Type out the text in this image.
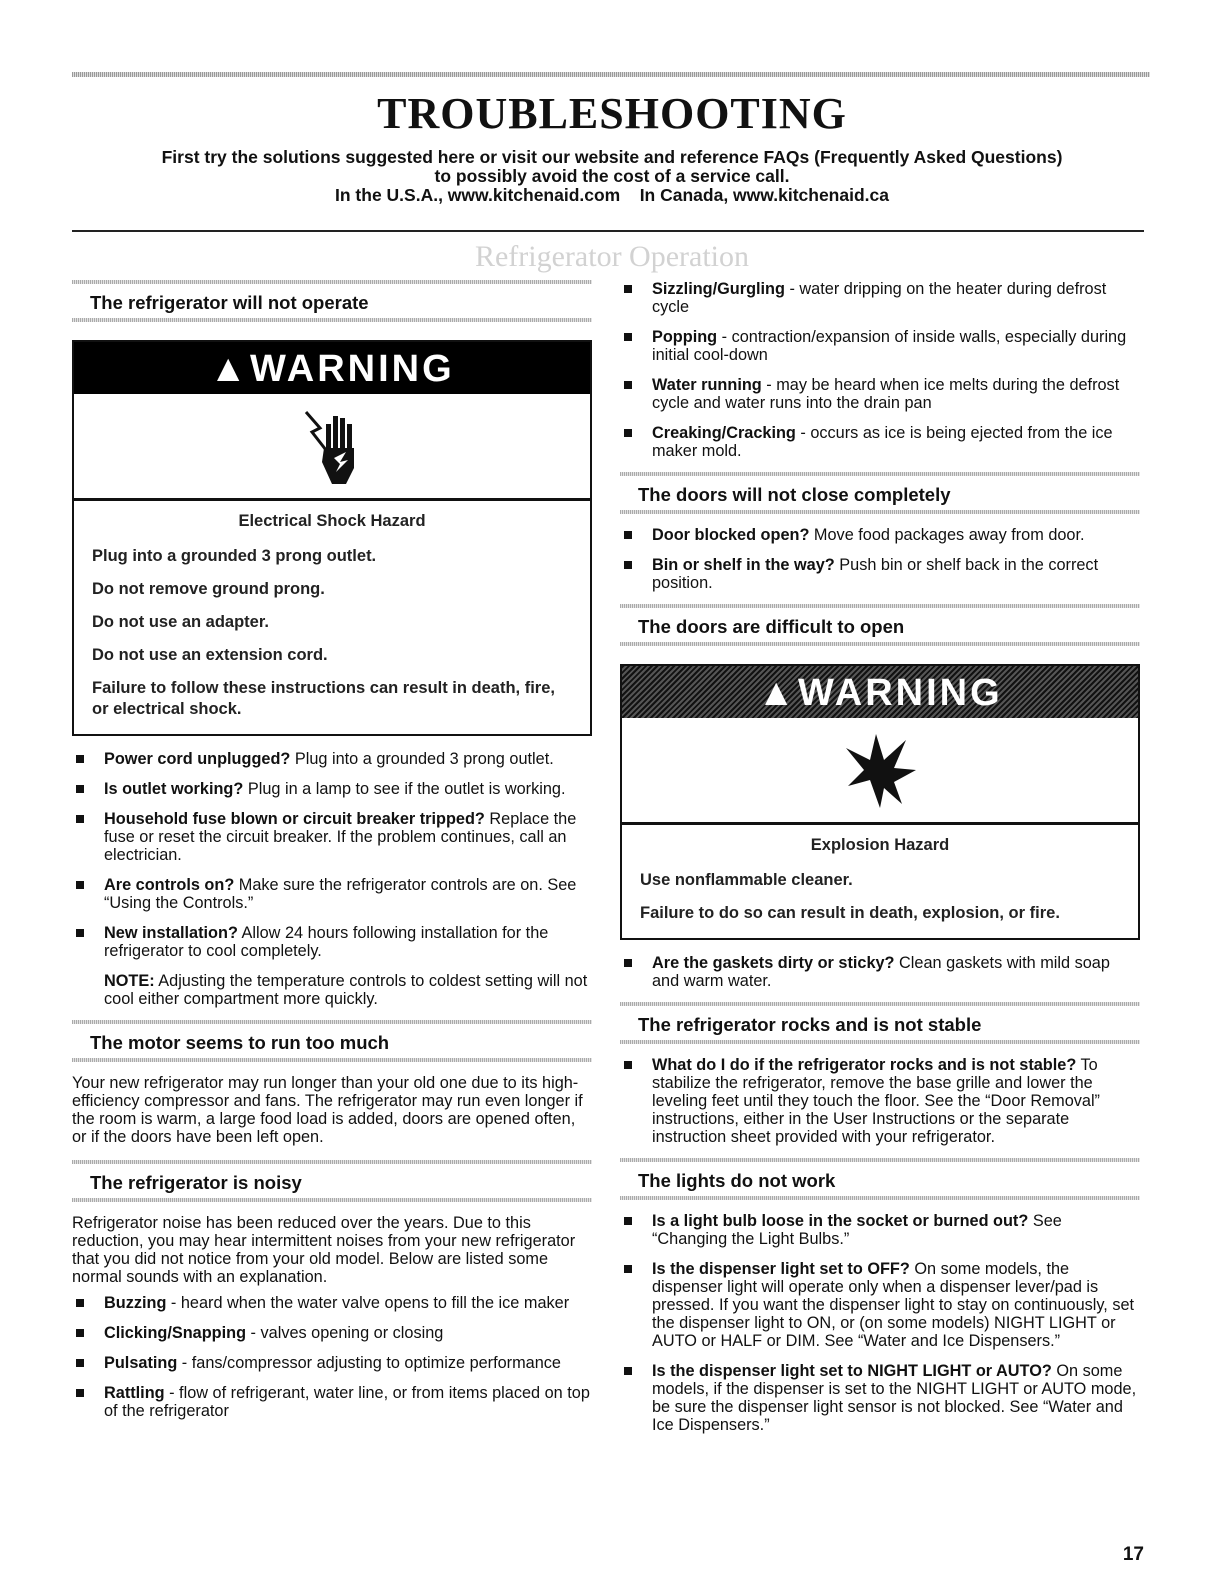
TROUBLESHOOTING
First try the solutions suggested here or visit our website and reference FAQs (Frequently Asked Questions)
to possibly avoid the cost of a service call.
In the U.S.A., www.kitchenaid.com    In Canada, www.kitchenaid.ca
Refrigerator Operation
The refrigerator will not operate
▲WARNING
Electrical Shock Hazard
Plug into a grounded 3 prong outlet.
Do not remove ground prong.
Do not use an adapter.
Do not use an extension cord.
Failure to follow these instructions can result in death, fire, or electrical shock.
Power cord unplugged? Plug into a grounded 3 prong outlet.
Is outlet working? Plug in a lamp to see if the outlet is working.
Household fuse blown or circuit breaker tripped? Replace the fuse or reset the circuit breaker. If the problem continues, call an electrician.
Are controls on? Make sure the refrigerator controls are on. See “Using the Controls.”
New installation? Allow 24 hours following installation for the refrigerator to cool completely.

NOTE: Adjusting the temperature controls to coldest setting will not cool either compartment more quickly.

The motor seems to run too much

Your new refrigerator may run longer than your old one due to its high-efficiency compressor and fans. The refrigerator may run even longer if the room is warm, a large food load is added, doors are opened often, or if the doors have been left open.

The refrigerator is noisy

Refrigerator noise has been reduced over the years. Due to this reduction, you may hear intermittent noises from your new refrigerator that you did not notice from your old model. Below are listed some normal sounds with an explanation.

Buzzing - heard when the water valve opens to fill the ice maker
Clicking/Snapping - valves opening or closing
Pulsating - fans/compressor adjusting to optimize performance
Rattling - flow of refrigerant, water line, or from items placed on top of the refrigerator
Sizzling/Gurgling - water dripping on the heater during defrost cycle
Popping - contraction/expansion of inside walls, especially during initial cool-down
Water running - may be heard when ice melts during the defrost cycle and water runs into the drain pan
Creaking/Cracking - occurs as ice is being ejected from the ice maker mold.
The doors will not close completely
Door blocked open? Move food packages away from door.
Bin or shelf in the way? Push bin or shelf back in the correct position.
The doors are difficult to open
▲WARNING
Explosion Hazard
Use nonflammable cleaner.
Failure to do so can result in death, explosion, or fire.
Are the gaskets dirty or sticky? Clean gaskets with mild soap and warm water.
The refrigerator rocks and is not stable
What do I do if the refrigerator rocks and is not stable? To stabilize the refrigerator, remove the base grille and lower the leveling feet until they touch the floor. See the “Door Removal” instructions, either in the User Instructions or the separate instruction sheet provided with your refrigerator.
The lights do not work
Is a light bulb loose in the socket or burned out? See “Changing the Light Bulbs.”
Is the dispenser light set to OFF? On some models, the dispenser light will operate only when a dispenser lever/pad is pressed. If you want the dispenser light to stay on continuously, set the dispenser light to ON, or (on some models) NIGHT LIGHT or AUTO or HALF or DIM. See “Water and Ice Dispensers.”
Is the dispenser light set to NIGHT LIGHT or AUTO? On some models, if the dispenser is set to the NIGHT LIGHT or AUTO mode, be sure the dispenser light sensor is not blocked. See “Water and Ice Dispensers.”
17
